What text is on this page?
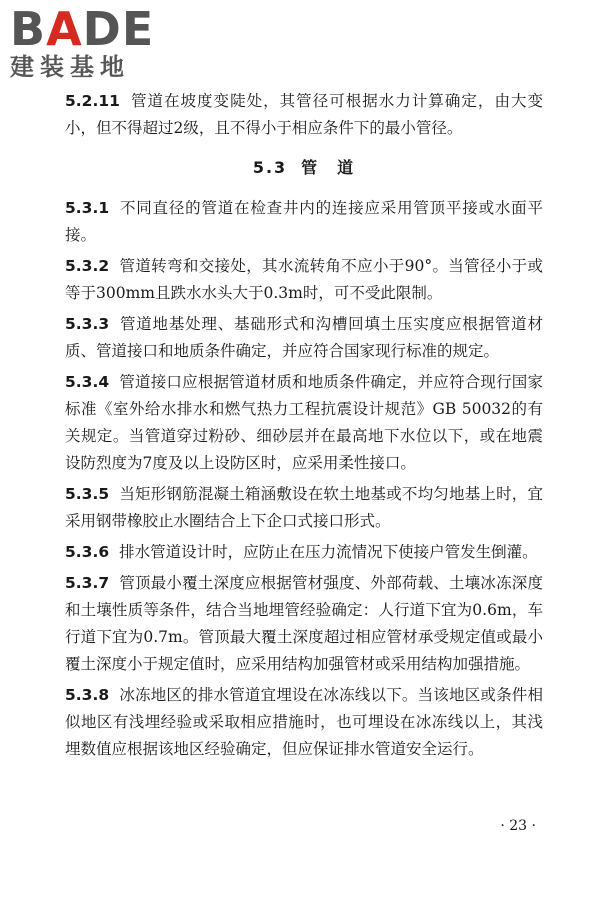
BADE
建装基地

5.2.11 管道在坡度变陡处，其管径可根据水力计算确定，由大变小，但不得超过2级，且不得小于相应条件下的最小管径。

5.3 管　道

5.3.1 不同直径的管道在检查井内的连接应采用管顶平接或水面平接。

5.3.2 管道转弯和交接处，其水流转角不应小于90°。当管径小于或等于300mm且跌水水头大于0.3m时，可不受此限制。

5.3.3 管道地基处理、基础形式和沟槽回填土压实度应根据管道材质、管道接口和地质条件确定，并应符合国家现行标准的规定。

5.3.4 管道接口应根据管道材质和地质条件确定，并应符合现行国家标准《室外给水排水和燃气热力工程抗震设计规范》GB 50032的有关规定。当管道穿过粉砂、细砂层并在最高地下水位以下，或在地震设防烈度为7度及以上设防区时，应采用柔性接口。

5.3.5 当矩形钢筋混凝土箱涵敷设在软土地基或不均匀地基上时，宜采用钢带橡胶止水圈结合上下企口式接口形式。

5.3.6 排水管道设计时，应防止在压力流情况下使接户管发生倒灌。

5.3.7 管顶最小覆土深度应根据管材强度、外部荷载、土壤冰冻深度和土壤性质等条件，结合当地埋管经验确定：人行道下宜为0.6m，车行道下宜为0.7m。管顶最大覆土深度超过相应管材承受规定值或最小覆土深度小于规定值时，应采用结构加强管材或采用结构加强措施。

5.3.8 冰冻地区的排水管道宜埋设在冰冻线以下。当该地区或条件相似地区有浅埋经验或采取相应措施时，也可埋设在冰冻线以上，其浅埋数值应根据该地区经验确定，但应保证排水管道安全运行。

· 23 ·
